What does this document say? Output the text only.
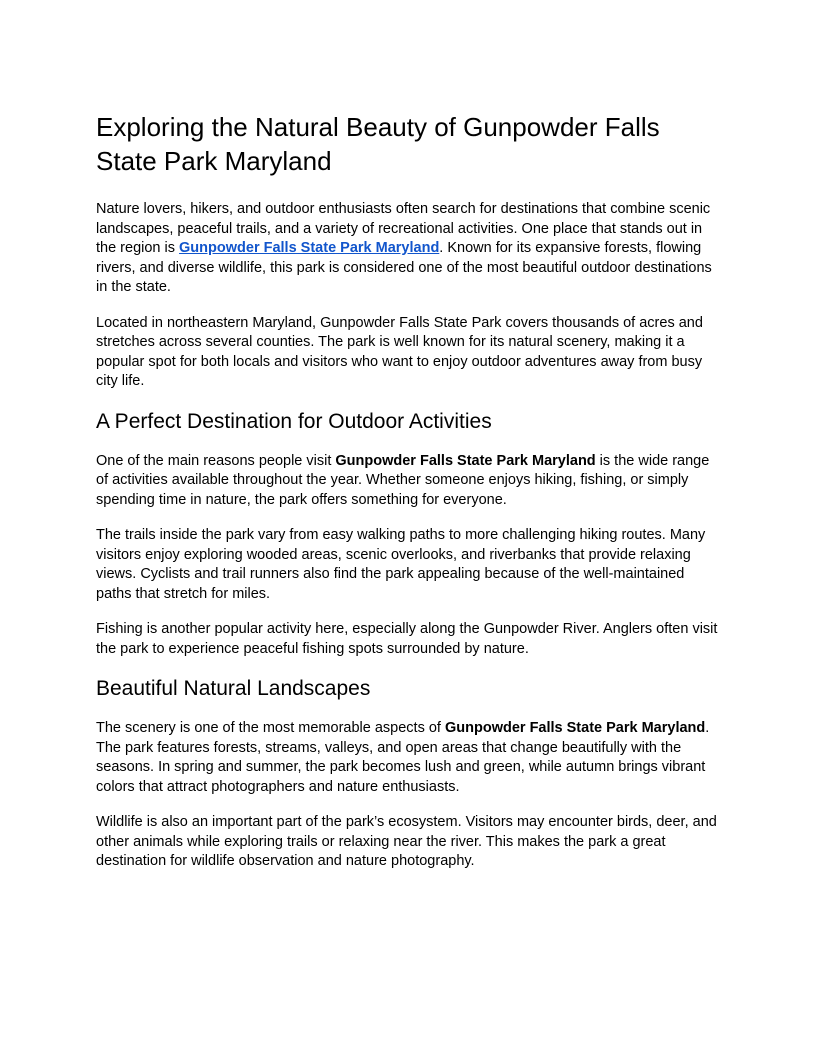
Exploring the Natural Beauty of Gunpowder Falls State Park Maryland

Nature lovers, hikers, and outdoor enthusiasts often search for destinations that combine scenic landscapes, peaceful trails, and a variety of recreational activities. One place that stands out in the region is Gunpowder Falls State Park Maryland. Known for its expansive forests, flowing rivers, and diverse wildlife, this park is considered one of the most beautiful outdoor destinations in the state.

Located in northeastern Maryland, Gunpowder Falls State Park covers thousands of acres and stretches across several counties. The park is well known for its natural scenery, making it a popular spot for both locals and visitors who want to enjoy outdoor adventures away from busy city life.

A Perfect Destination for Outdoor Activities

One of the main reasons people visit Gunpowder Falls State Park Maryland is the wide range of activities available throughout the year. Whether someone enjoys hiking, fishing, or simply spending time in nature, the park offers something for everyone.

The trails inside the park vary from easy walking paths to more challenging hiking routes. Many visitors enjoy exploring wooded areas, scenic overlooks, and riverbanks that provide relaxing views. Cyclists and trail runners also find the park appealing because of the well-maintained paths that stretch for miles.

Fishing is another popular activity here, especially along the Gunpowder River. Anglers often visit the park to experience peaceful fishing spots surrounded by nature.

Beautiful Natural Landscapes

The scenery is one of the most memorable aspects of Gunpowder Falls State Park Maryland. The park features forests, streams, valleys, and open areas that change beautifully with the seasons. In spring and summer, the park becomes lush and green, while autumn brings vibrant colors that attract photographers and nature enthusiasts.

Wildlife is also an important part of the park’s ecosystem. Visitors may encounter birds, deer, and other animals while exploring trails or relaxing near the river. This makes the park a great destination for wildlife observation and nature photography.
